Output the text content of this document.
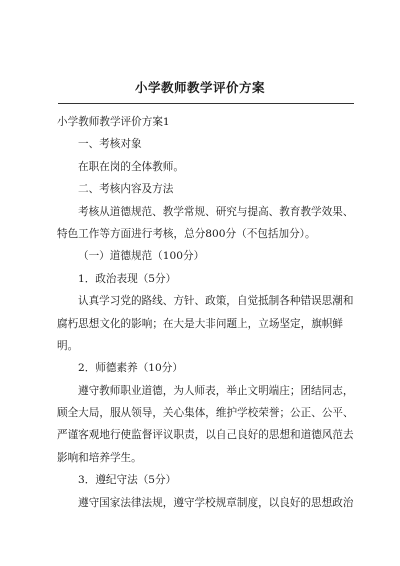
小学教师教学评价方案
小学教师教学评价方案1
一、考核对象
在职在岗的全体教师。
二、考核内容及方法
考核从道德规范、教学常规、研究与提高、教育教学效果、
特色工作等方面进行考核，总分800分（不包括加分）。
（一）道德规范（100分）
1．政治表现（5分）
认真学习党的路线、方针、政策，自觉抵制各种错误思潮和
腐朽思想文化的影响；在大是大非问题上，立场坚定，旗帜鲜
明。
2．师德素养（10分）
遵守教师职业道德，为人师表，举止文明端庄；团结同志，
顾全大局，服从领导，关心集体，维护学校荣誉；公正、公平、
严谨客观地行使监督评议职责，以自己良好的思想和道德风范去
影响和培养学生。
3．遵纪守法（5分）
遵守国家法律法规，遵守学校规章制度，以良好的思想政治
